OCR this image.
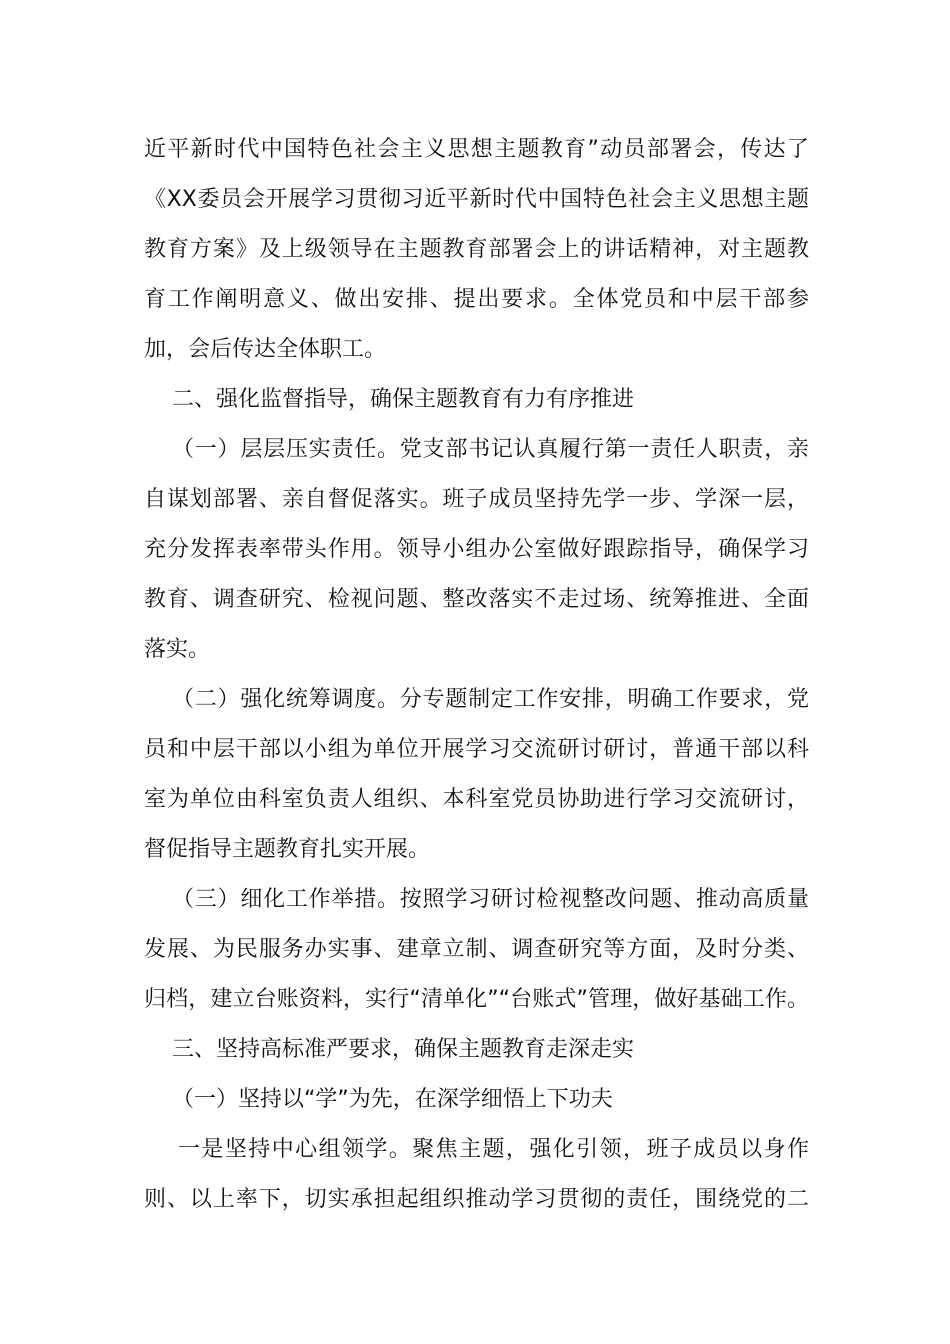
近平新时代中国特色社会主义思想主题教育”动员部署会，传达了
《XX委员会开展学习贯彻习近平新时代中国特色社会主义思想主题
教育方案》及上级领导在主题教育部署会上的讲话精神，对主题教
育工作阐明意义、做出安排、提出要求。全体党员和中层干部参
加，会后传达全体职工。
二、强化监督指导，确保主题教育有力有序推进
（一）层层压实责任。党支部书记认真履行第一责任人职责，亲
自谋划部署、亲自督促落实。班子成员坚持先学一步、学深一层，
充分发挥表率带头作用。领导小组办公室做好跟踪指导，确保学习
教育、调查研究、检视问题、整改落实不走过场、统筹推进、全面
落实。
（二）强化统筹调度。分专题制定工作安排，明确工作要求，党
员和中层干部以小组为单位开展学习交流研讨研讨，普通干部以科
室为单位由科室负责人组织、本科室党员协助进行学习交流研讨，
督促指导主题教育扎实开展。
（三）细化工作举措。按照学习研讨检视整改问题、推动高质量
发展、为民服务办实事、建章立制、调查研究等方面，及时分类、
归档，建立台账资料，实行“清单化”“台账式”管理，做好基础工作。
三、坚持高标准严要求，确保主题教育走深走实
（一）坚持以“学”为先，在深学细悟上下功夫
一是坚持中心组领学。聚焦主题，强化引领，班子成员以身作
则、以上率下，切实承担起组织推动学习贯彻的责任，围绕党的二
